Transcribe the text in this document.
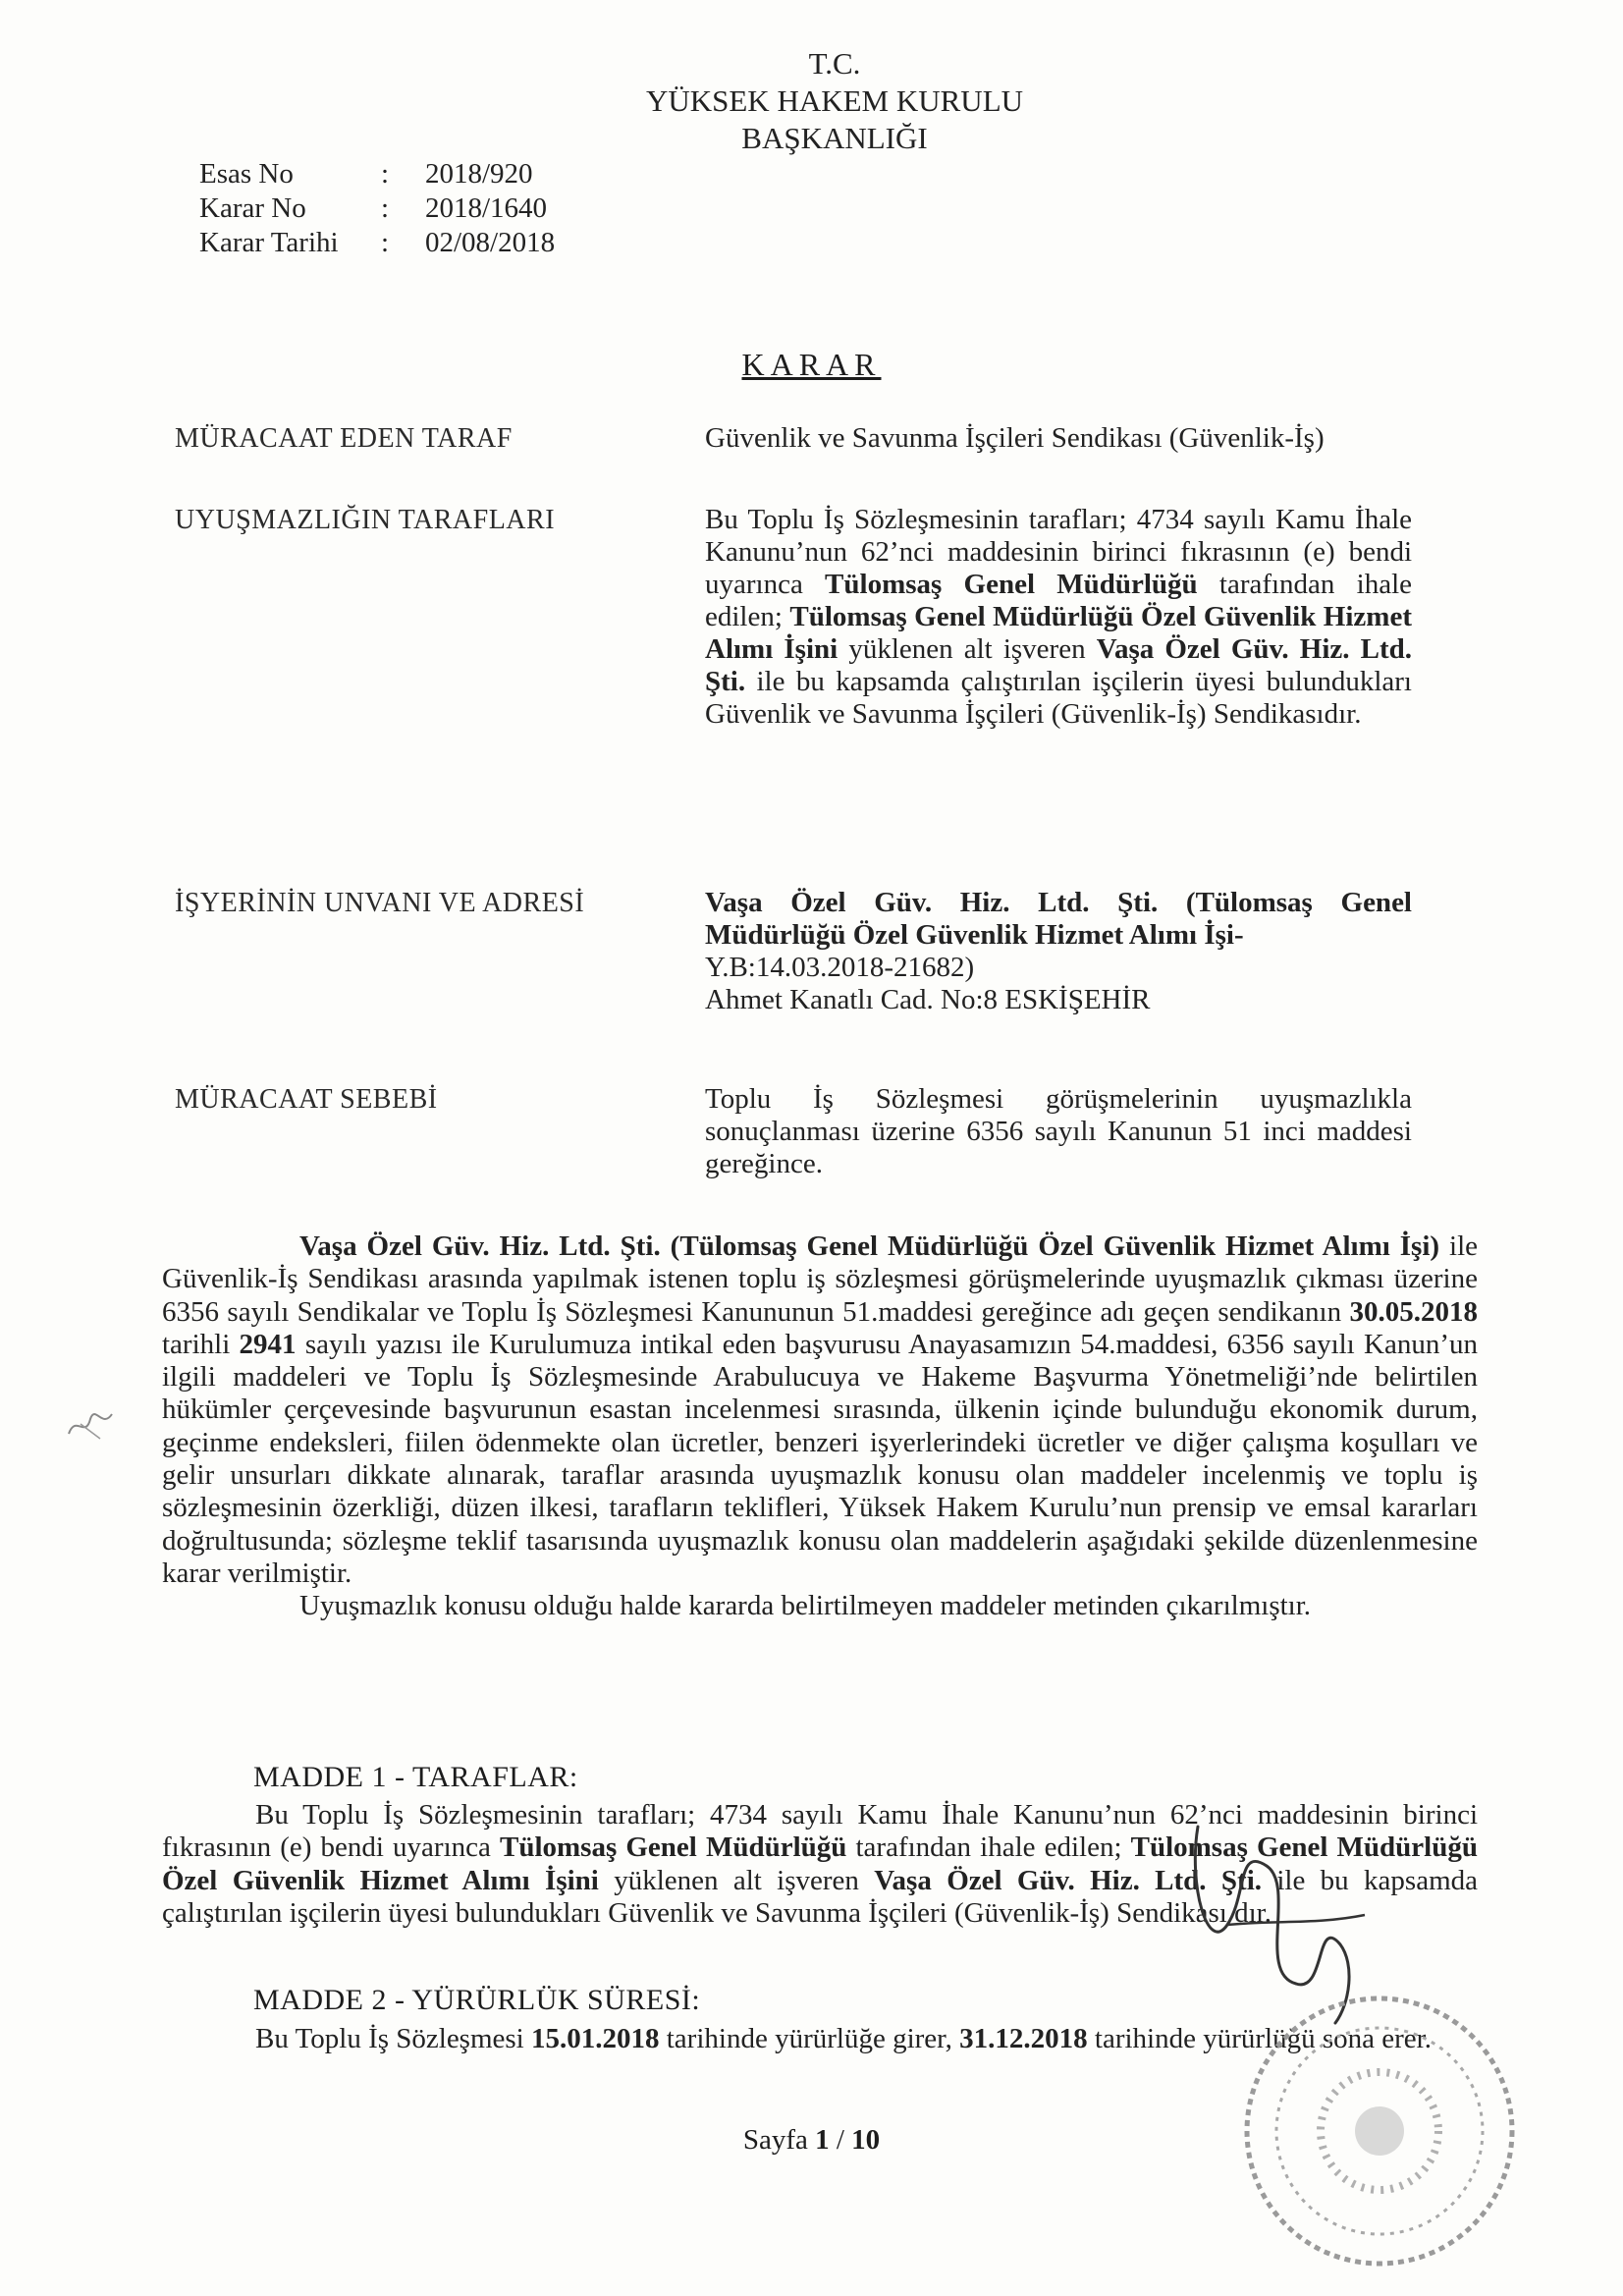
T.C.
YÜKSEK HAKEM KURULU
BAŞKANLIĞI
Esas No	:	2018/920
Karar No	:	2018/1640
Karar Tarihi	:	02/08/2018
KARAR
MÜRACAAT EDEN TARAF	Güvenlik ve Savunma İşçileri Sendikası (Güvenlik-İş)
UYUŞMAZLIĞIN TARAFLARI	Bu Toplu İş Sözleşmesinin tarafları; 4734 sayılı Kamu İhale Kanunu’nun 62’nci maddesinin birinci fıkrasının (e) bendi uyarınca Tülomsaş Genel Müdürlüğü tarafından ihale edilen; Tülomsaş Genel Müdürlüğü Özel Güvenlik Hizmet Alımı İşini yüklenen alt işveren Vaşa Özel Güv. Hiz. Ltd. Şti. ile bu kapsamda çalıştırılan işçilerin üyesi bulundukları Güvenlik ve Savunma İşçileri (Güvenlik-İş) Sendikasıdır.
İŞYERİNİN UNVANI VE ADRESİ	Vaşa Özel Güv. Hiz. Ltd. Şti. (Tülomsaş Genel Müdürlüğü Özel Güvenlik Hizmet Alımı İşi-
Y.B:14.03.2018-21682)
Ahmet Kanatlı Cad. No:8 ESKİŞEHİR
MÜRACAAT SEBEBİ	Toplu İş Sözleşmesi görüşmelerinin uyuşmazlıkla sonuçlanması üzerine 6356 sayılı Kanunun 51 inci maddesi gereğince.

Vaşa Özel Güv. Hiz. Ltd. Şti. (Tülomsaş Genel Müdürlüğü Özel Güvenlik Hizmet Alımı İşi) ile Güvenlik-İş Sendikası arasında yapılmak istenen toplu iş sözleşmesi görüşmelerinde uyuşmazlık çıkması üzerine 6356 sayılı Sendikalar ve Toplu İş Sözleşmesi Kanununun 51.maddesi gereğince adı geçen sendikanın 30.05.2018 tarihli 2941 sayılı yazısı ile Kurulumuza intikal eden başvurusu Anayasamızın 54.maddesi, 6356 sayılı Kanun’un ilgili maddeleri ve Toplu İş Sözleşmesinde Arabulucuya ve Hakeme Başvurma Yönetmeliği’nde belirtilen hükümler çerçevesinde başvurunun esastan incelenmesi sırasında, ülkenin içinde bulunduğu ekonomik durum, geçinme endeksleri, fiilen ödenmekte olan ücretler, benzeri işyerlerindeki ücretler ve diğer çalışma koşulları ve gelir unsurları dikkate alınarak, taraflar arasında uyuşmazlık konusu olan maddeler incelenmiş ve toplu iş sözleşmesinin özerkliği, düzen ilkesi, tarafların teklifleri, Yüksek Hakem Kurulu’nun prensip ve emsal kararları doğrultusunda; sözleşme teklif tasarısında uyuşmazlık konusu olan maddelerin aşağıdaki şekilde düzenlenmesine karar verilmiştir.

Uyuşmazlık konusu olduğu halde kararda belirtilmeyen maddeler metinden çıkarılmıştır.

MADDE 1 - TARAFLAR:

Bu Toplu İş Sözleşmesinin tarafları; 4734 sayılı Kamu İhale Kanunu’nun 62’nci maddesinin birinci fıkrasının (e) bendi uyarınca Tülomsaş Genel Müdürlüğü tarafından ihale edilen; Tülomsaş Genel Müdürlüğü Özel Güvenlik Hizmet Alımı İşini yüklenen alt işveren Vaşa Özel Güv. Hiz. Ltd. Şti. ile bu kapsamda çalıştırılan işçilerin üyesi bulundukları Güvenlik ve Savunma İşçileri (Güvenlik-İş) Sendikası dır.

MADDE 2 - YÜRÜRLÜK SÜRESİ:

Bu Toplu İş Sözleşmesi 15.01.2018 tarihinde yürürlüğe girer, 31.12.2018 tarihinde yürürlüğü sona erer.

Sayfa 1 / 10
